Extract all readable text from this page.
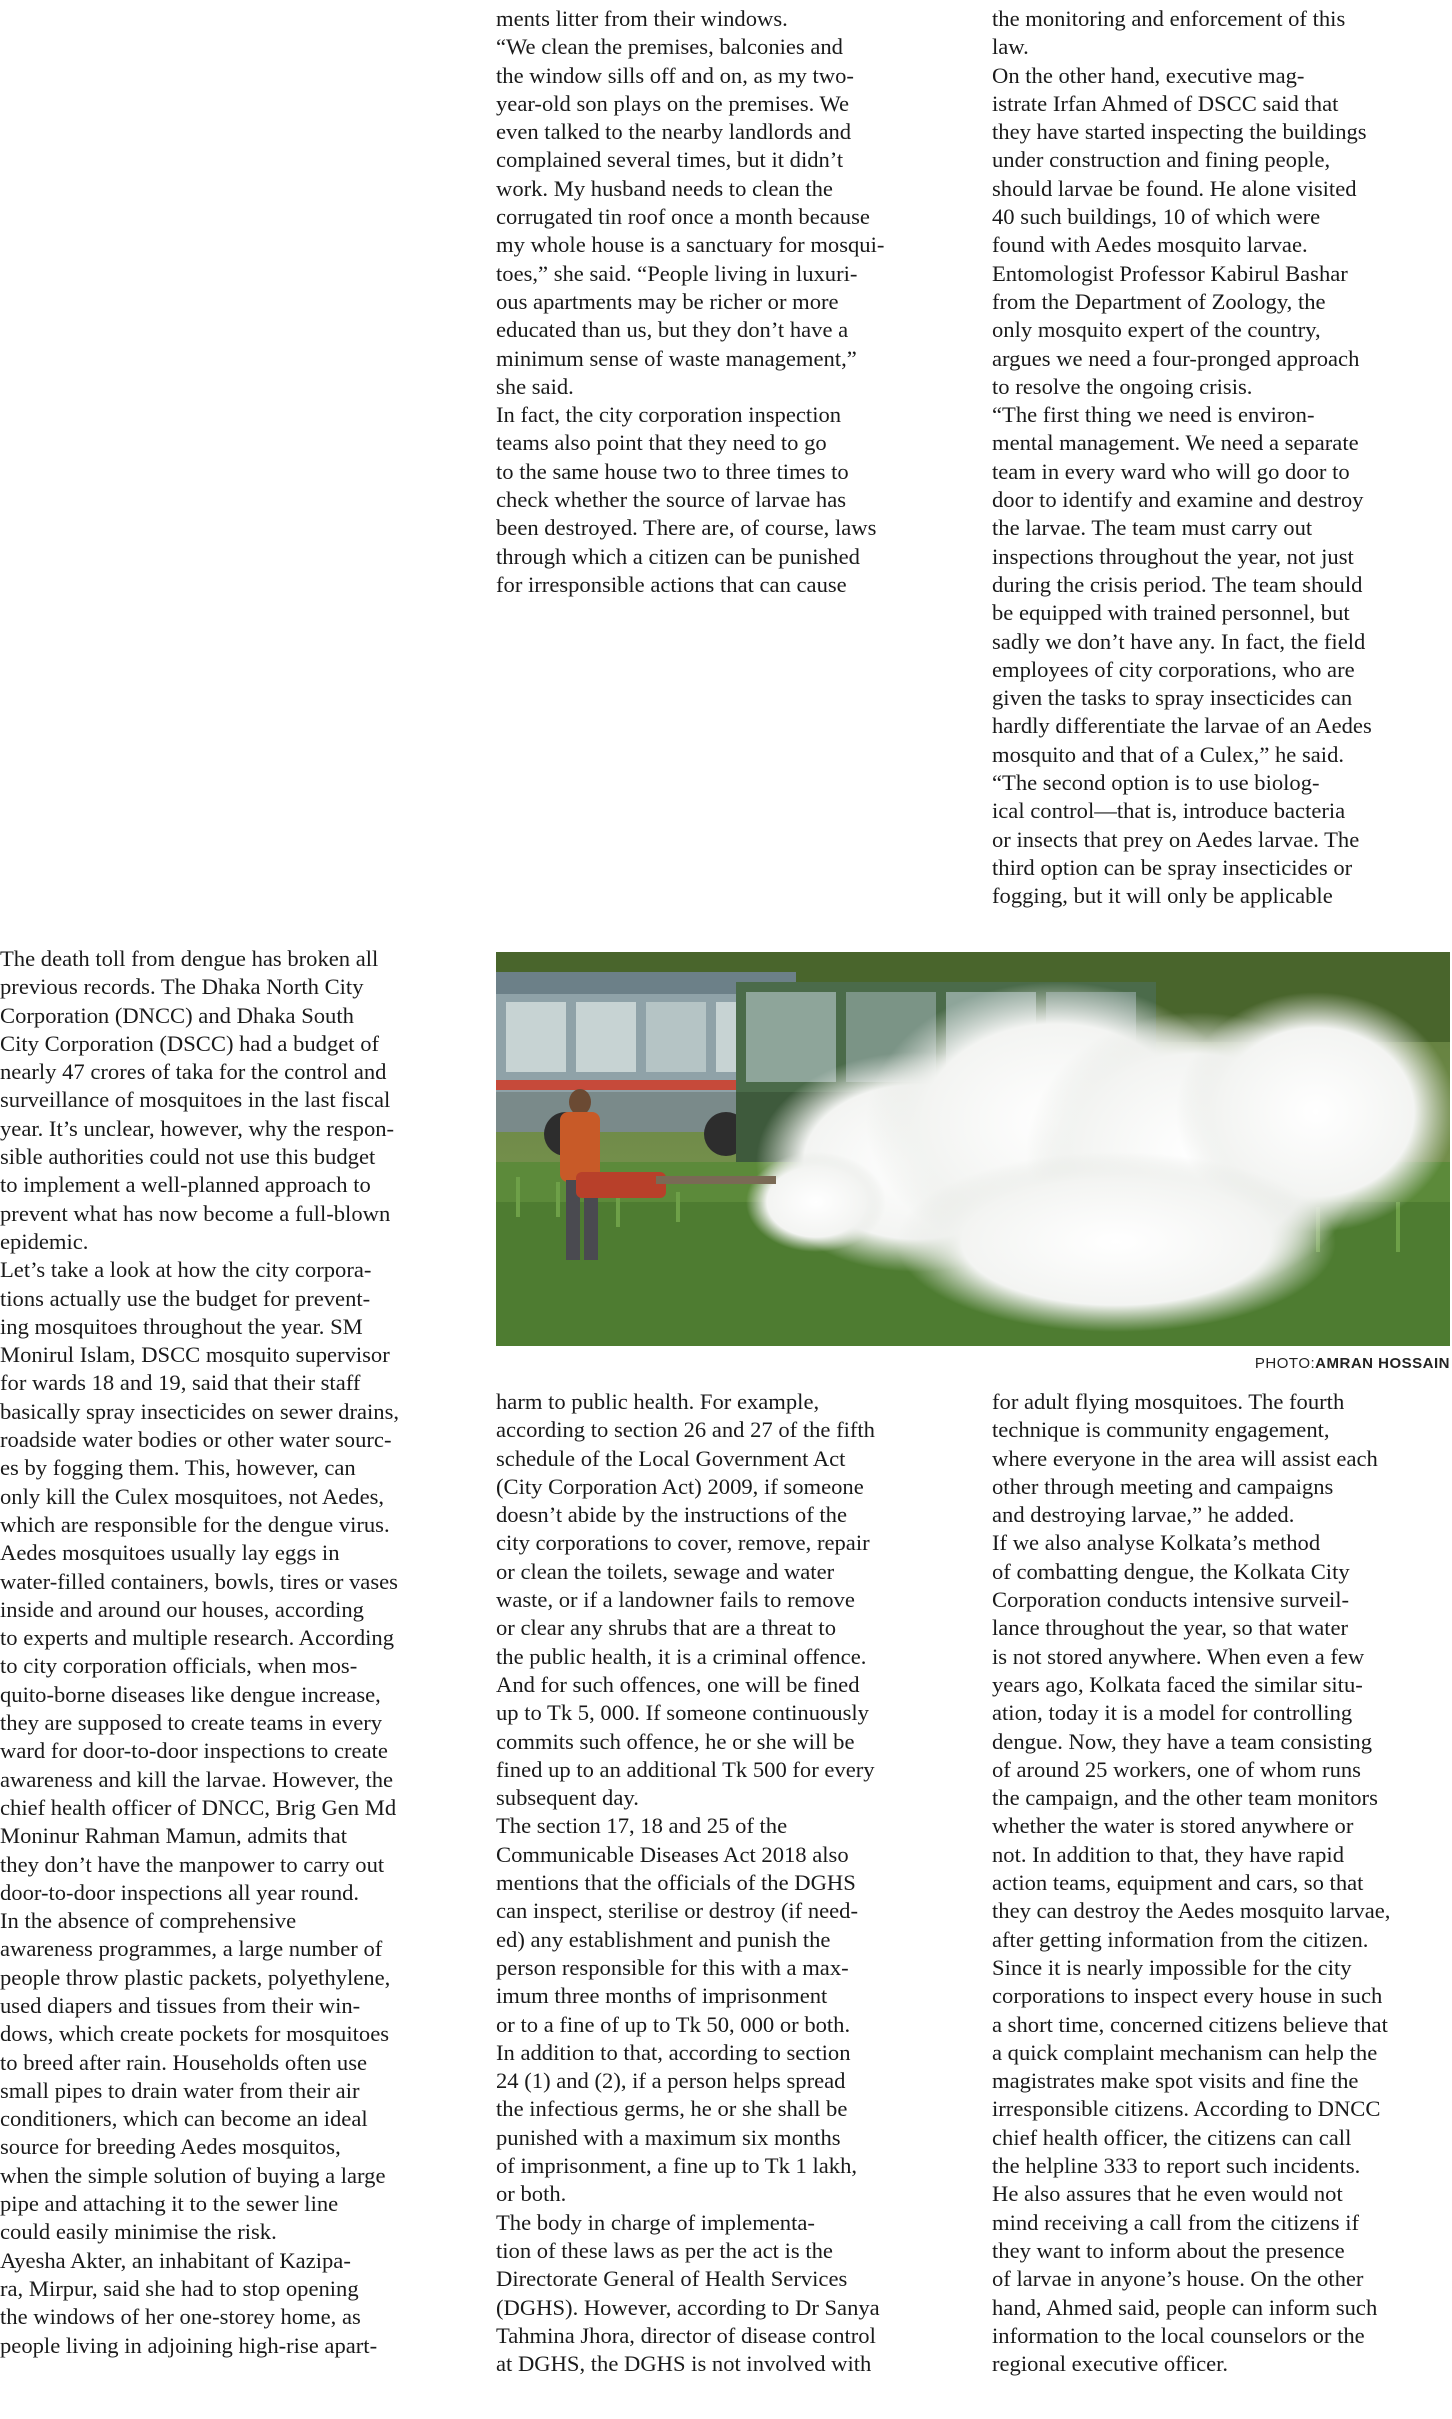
The death toll from dengue has broken all
previous records. The Dhaka North City
Corporation (DNCC) and Dhaka South
City Corporation (DSCC) had a budget of
nearly 47 crores of taka for the control and
surveillance of mosquitoes in the last fiscal
year. It’s unclear, however, why the respon-
sible authorities could not use this budget
to implement a well-planned approach to
prevent what has now become a full-blown
epidemic.
Let’s take a look at how the city corpora-
tions actually use the budget for prevent-
ing mosquitoes throughout the year. SM
Monirul Islam, DSCC mosquito supervisor
for wards 18 and 19, said that their staff
basically spray insecticides on sewer drains,
roadside water bodies or other water sourc-
es by fogging them. This, however, can
only kill the Culex mosquitoes, not Aedes,
which are responsible for the dengue virus.
Aedes mosquitoes usually lay eggs in
water-filled containers, bowls, tires or vases
inside and around our houses, according
to experts and multiple research. According
to city corporation officials, when mos-
quito-borne diseases like dengue increase,
they are supposed to create teams in every
ward for door-to-door inspections to create
awareness and kill the larvae. However, the
chief health officer of DNCC, Brig Gen Md
Moninur Rahman Mamun, admits that
they don’t have the manpower to carry out
door-to-door inspections all year round.
In the absence of comprehensive
awareness programmes, a large number of
people throw plastic packets, polyethylene,
used diapers and tissues from their win-
dows, which create pockets for mosquitoes
to breed after rain. Households often use
small pipes to drain water from their air
conditioners, which can become an ideal
source for breeding Aedes mosquitos,
when the simple solution of buying a large
pipe and attaching it to the sewer line
could easily minimise the risk.
Ayesha Akter, an inhabitant of Kazipa-
ra, Mirpur, said she had to stop opening
the windows of her one-storey home, as
people living in adjoining high-rise apart-
ments litter from their windows.
“We clean the premises, balconies and
the window sills off and on, as my two-
year-old son plays on the premises. We
even talked to the nearby landlords and
complained several times, but it didn’t
work. My husband needs to clean the
corrugated tin roof once a month because
my whole house is a sanctuary for mosqui-
toes,” she said. “People living in luxuri-
ous apartments may be richer or more
educated than us, but they don’t have a
minimum sense of waste management,”
she said.
In fact, the city corporation inspection
teams also point that they need to go
to the same house two to three times to
check whether the source of larvae has
been destroyed. There are, of course, laws
through which a citizen can be punished
for irresponsible actions that can cause
the monitoring and enforcement of this
law.
On the other hand, executive mag-
istrate Irfan Ahmed of DSCC said that
they have started inspecting the buildings
under construction and fining people,
should larvae be found. He alone visited
40 such buildings, 10 of which were
found with Aedes mosquito larvae.
Entomologist Professor Kabirul Bashar
from the Department of Zoology, the
only mosquito expert of the country,
argues we need a four-pronged approach
to resolve the ongoing crisis.
“The first thing we need is environ-
mental management. We need a separate
team in every ward who will go door to
door to identify and examine and destroy
the larvae. The team must carry out
inspections throughout the year, not just
during the crisis period. The team should
be equipped with trained personnel, but
sadly we don’t have any. In fact, the field
employees of city corporations, who are
given the tasks to spray insecticides can
hardly differentiate the larvae of an Aedes
mosquito and that of a Culex,” he said.
“The second option is to use biolog-
ical control—that is, introduce bacteria
or insects that prey on Aedes larvae. The
third option can be spray insecticides or
fogging, but it will only be applicable
harm to public health. For example,
according to section 26 and 27 of the fifth
schedule of the Local Government Act
(City Corporation Act) 2009, if someone
doesn’t abide by the instructions of the
city corporations to cover, remove, repair
or clean the toilets, sewage and water
waste, or if a landowner fails to remove
or clear any shrubs that are a threat to
the public health, it is a criminal offence.
And for such offences, one will be fined
up to Tk 5, 000. If someone continuously
commits such offence, he or she will be
fined up to an additional Tk 500 for every
subsequent day.
The section 17, 18 and 25 of the
Communicable Diseases Act 2018 also
mentions that the officials of the DGHS
can inspect, sterilise or destroy (if need-
ed) any establishment and punish the
person responsible for this with a max-
imum three months of imprisonment
or to a fine of up to Tk 50, 000 or both.
In addition to that, according to section
24 (1) and (2), if a person helps spread
the infectious germs, he or she shall be
punished with a maximum six months
of imprisonment, a fine up to Tk 1 lakh,
or both.
The body in charge of implementa-
tion of these laws as per the act is the
Directorate General of Health Services
(DGHS). However, according to Dr Sanya
Tahmina Jhora, director of disease control
at DGHS, the DGHS is not involved with
for adult flying mosquitoes. The fourth
technique is community engagement,
where everyone in the area will assist each
other through meeting and campaigns
and destroying larvae,” he added.
If we also analyse Kolkata’s method
of combatting dengue, the Kolkata City
Corporation conducts intensive surveil-
lance throughout the year, so that water
is not stored anywhere. When even a few
years ago, Kolkata faced the similar situ-
ation, today it is a model for controlling
dengue. Now, they have a team consisting
of around 25 workers, one of whom runs
the campaign, and the other team monitors
whether the water is stored anywhere or
not. In addition to that, they have rapid
action teams, equipment and cars, so that
they can destroy the Aedes mosquito larvae,
after getting information from the citizen.
Since it is nearly impossible for the city
corporations to inspect every house in such
a short time, concerned citizens believe that
a quick complaint mechanism can help the
magistrates make spot visits and fine the
irresponsible citizens. According to DNCC
chief health officer, the citizens can call
the helpline 333 to report such incidents.
He also assures that he even would not
mind receiving a call from the citizens if
they want to inform about the presence
of larvae in anyone’s house. On the other
hand, Ahmed said, people can inform such
information to the local counselors or the
regional executive officer.
PHOTO:AMRAN HOSSAIN
